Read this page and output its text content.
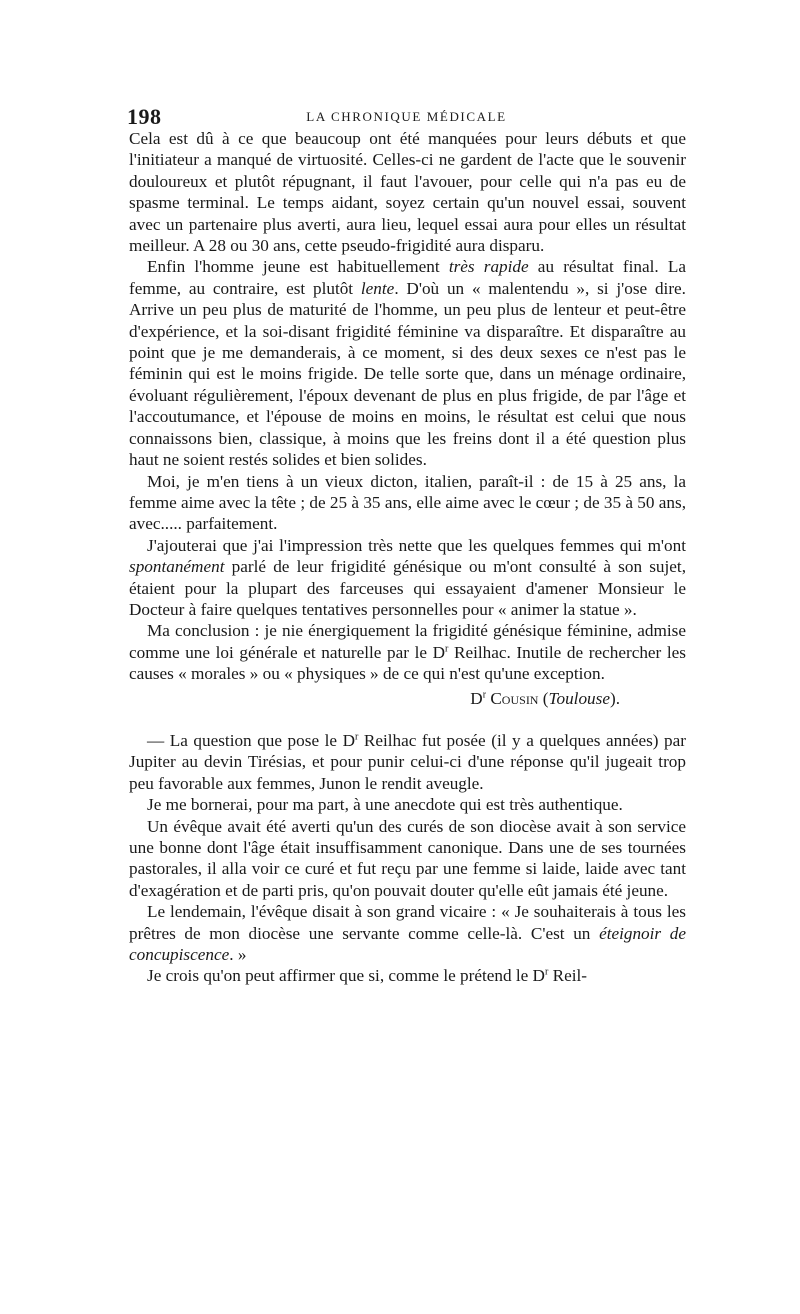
198	LA CHRONIQUE MÉDICALE

Cela est dû à ce que beaucoup ont été manquées pour leurs débuts et que l'initiateur a manqué de virtuosité. Celles-ci ne gardent de l'acte que le souvenir douloureux et plutôt répugnant, il faut l'avouer, pour celle qui n'a pas eu de spasme terminal. Le temps aidant, soyez certain qu'un nouvel essai, souvent avec un partenaire plus averti, aura lieu, lequel essai aura pour elles un résultat meilleur. A 28 ou 30 ans, cette pseudo-frigidité aura disparu.

Enfin l'homme jeune est habituellement très rapide au résultat final. La femme, au contraire, est plutôt lente. D'où un « malentendu », si j'ose dire. Arrive un peu plus de maturité de l'homme, un peu plus de lenteur et peut-être d'expérience, et la soi-disant frigidité féminine va disparaître. Et disparaître au point que je me demanderais, à ce moment, si des deux sexes ce n'est pas le féminin qui est le moins frigide. De telle sorte que, dans un ménage ordinaire, évoluant régulièrement, l'époux devenant de plus en plus frigide, de par l'âge et l'accoutumance, et l'épouse de moins en moins, le résultat est celui que nous connaissons bien, classique, à moins que les freins dont il a été question plus haut ne soient restés solides et bien solides.

Moi, je m'en tiens à un vieux dicton, italien, paraît-il : de 15 à 25 ans, la femme aime avec la tête ; de 25 à 35 ans, elle aime avec le cœur ; de 35 à 50 ans, avec..... parfaitement.

J'ajouterai que j'ai l'impression très nette que les quelques femmes qui m'ont spontanément parlé de leur frigidité génésique ou m'ont consulté à son sujet, étaient pour la plupart des farceuses qui essayaient d'amener Monsieur le Docteur à faire quelques tentatives personnelles pour « animer la statue ».

Ma conclusion : je nie énergiquement la frigidité génésique féminine, admise comme une loi générale et naturelle par le $D^r$ Reilhac. Inutile de rechercher les causes « morales » ou « physiques » de ce qui n'est qu'une exception.

$D^r$ Cousin (Toulouse).

— La question que pose le $D^r$ Reilhac fut posée (il y a quelques années) par Jupiter au devin Tirésias, et pour punir celui-ci d'une réponse qu'il jugeait trop peu favorable aux femmes, Junon le rendit aveugle.

Je me bornerai, pour ma part, à une anecdote qui est très authentique.

Un évêque avait été averti qu'un des curés de son diocèse avait à son service une bonne dont l'âge était insuffisamment canonique. Dans une de ses tournées pastorales, il alla voir ce curé et fut reçu par une femme si laide, laide avec tant d'exagération et de parti pris, qu'on pouvait douter qu'elle eût jamais été jeune.

Le lendemain, l'évêque disait à son grand vicaire : « Je souhaiterais à tous les prêtres de mon diocèse une servante comme celle-là. C'est un éteignoir de concupiscence. »

Je crois qu'on peut affirmer que si, comme le prétend le $D^r$ Reil-
